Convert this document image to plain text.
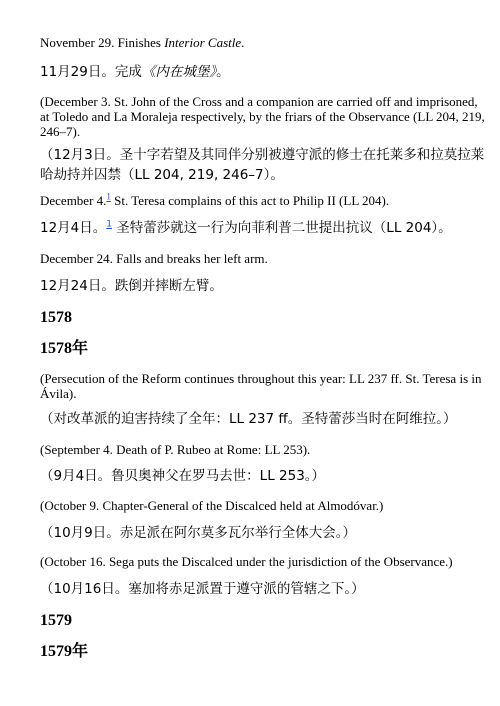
November 29. Finishes Interior Castle.

11月29日。完成《内在城堡》。

(December 3. St. John of the Cross and a companion are carried off and imprisoned, at Toledo and La Moraleja respectively, by the friars of the Observance (LL 204, 219, 246–7).

（12月3日。圣十字若望及其同伴分别被遵守派的修士在托莱多和拉莫拉莱哈劫持并囚禁（LL 204, 219, 246–7）。

December 4.$^1$ St. Teresa complains of this act to Philip II (LL 204).

12月4日。$^1$ 圣特蕾莎就这一行为向菲利普二世提出抗议（LL 204）。

December 24. Falls and breaks her left arm.

12月24日。跌倒并摔断左臂。

1578

1578年

(Persecution of the Reform continues throughout this year: LL 237 ff. St. Teresa is in Ávila).

（对改革派的迫害持续了全年：LL 237 ff。圣特蕾莎当时在阿维拉。）

(September 4. Death of P. Rubeo at Rome: LL 253).

（9月4日。鲁贝奥神父在罗马去世：LL 253。）

(October 9. Chapter-General of the Discalced held at Almodóvar.)

（10月9日。赤足派在阿尔莫多瓦尔举行全体大会。）

(October 16. Sega puts the Discalced under the jurisdiction of the Observance.)

（10月16日。塞加将赤足派置于遵守派的管辖之下。）

1579

1579年
